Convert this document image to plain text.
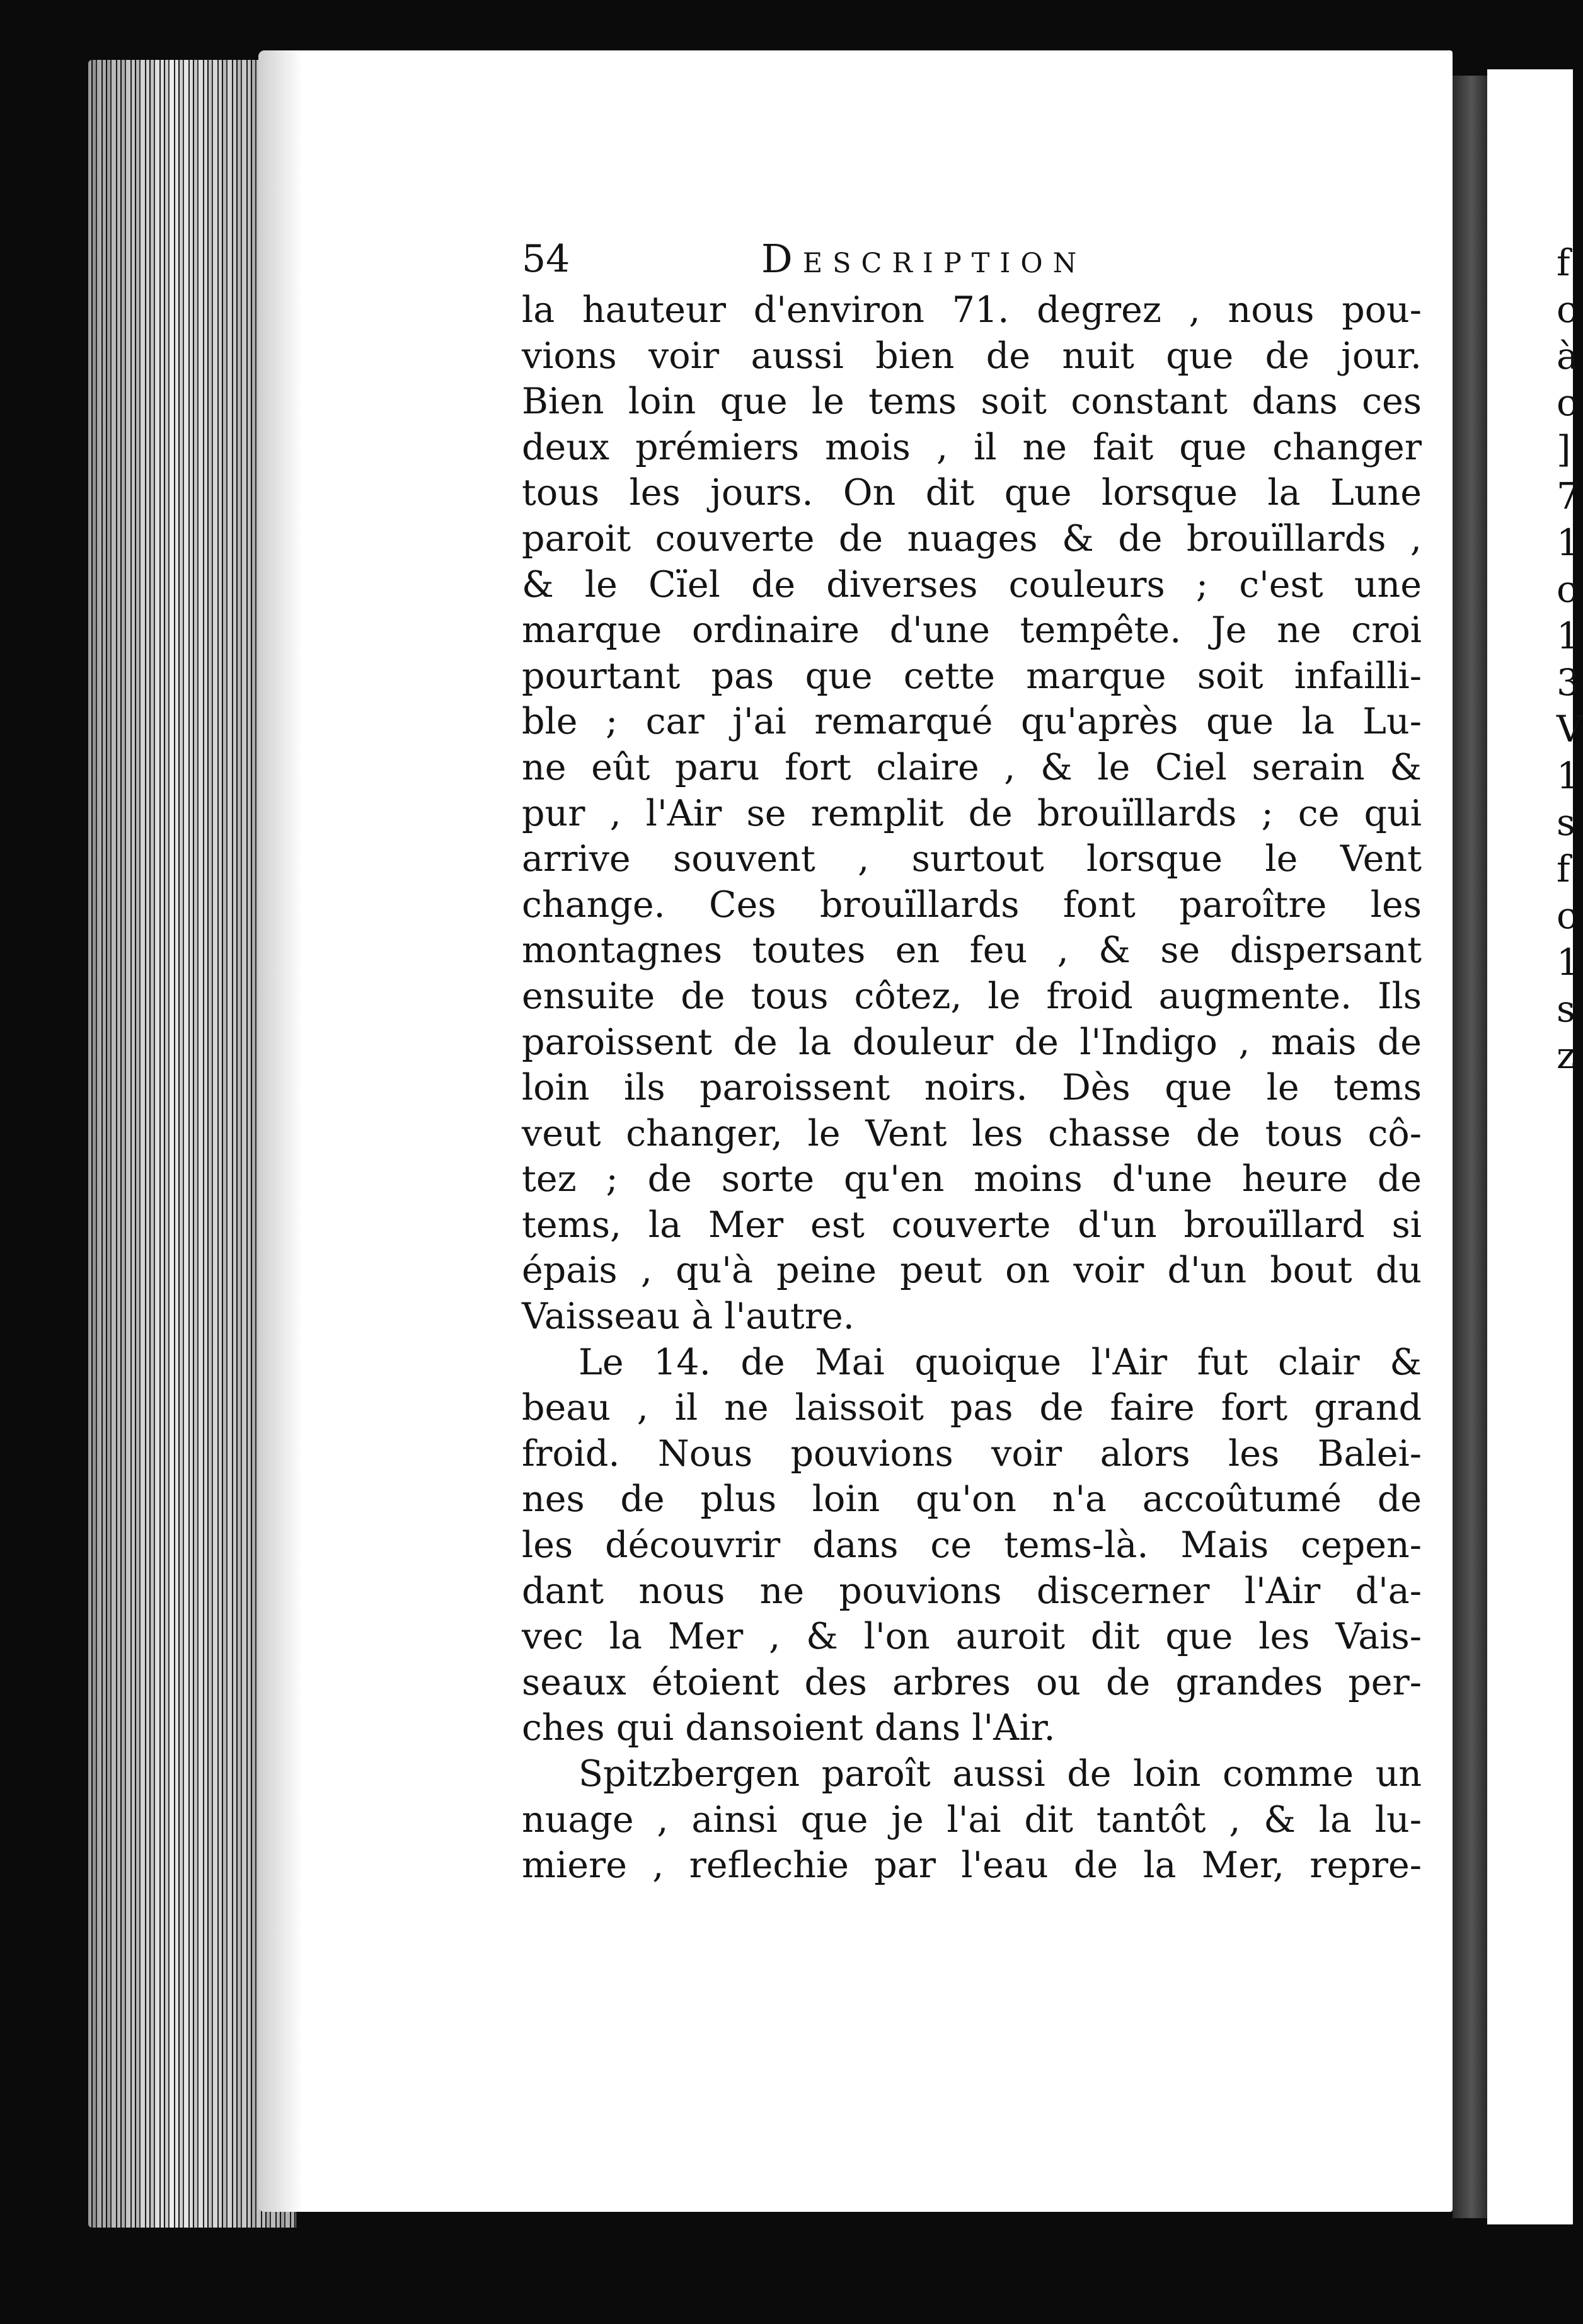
f
c
à
c
]
7
1
c
1
3
V
1
s
f
c
1
s
z
54	Description
la hauteur d'environ 71. degrez , nous pou-
vions voir aussi bien de nuit que de jour.
Bien loin que le tems soit constant dans ces
deux prémiers mois , il ne fait que changer
tous les jours. On dit que lorsque la Lune
paroit couverte de nuages & de brouïllards ,
& le Cïel de diverses couleurs ; c'est une
marque ordinaire d'une tempête. Je ne croi
pourtant pas que cette marque soit infailli-
ble ; car j'ai remarqué qu'après que la Lu-
ne eût paru fort claire , & le Ciel serain &
pur , l'Air se remplit de brouïllards ; ce qui
arrive souvent , surtout lorsque le Vent
change. Ces brouïllards font paroître les
montagnes toutes en feu , & se dispersant
ensuite de tous côtez, le froid augmente. Ils
paroissent de la douleur de l'Indigo , mais de
loin ils paroissent noirs. Dès que le tems
veut changer, le Vent les chasse de tous cô-
tez ; de sorte qu'en moins d'une heure de
tems, la Mer est couverte d'un brouïllard si
épais , qu'à peine peut on voir d'un bout du
Vaisseau à l'autre.
Le 14. de Mai quoique l'Air fut clair &
beau , il ne laissoit pas de faire fort grand
froid. Nous pouvions voir alors les Balei-
nes de plus loin qu'on n'a accoûtumé de
les découvrir dans ce tems-là. Mais cepen-
dant nous ne pouvions discerner l'Air d'a-
vec la Mer , & l'on auroit dit que les Vais-
seaux étoient des arbres ou de grandes per-
ches qui dansoient dans l'Air.
Spitzbergen paroît aussi de loin comme un
nuage , ainsi que je l'ai dit tantôt , & la lu-
miere , reflechie par l'eau de la Mer, repre-
